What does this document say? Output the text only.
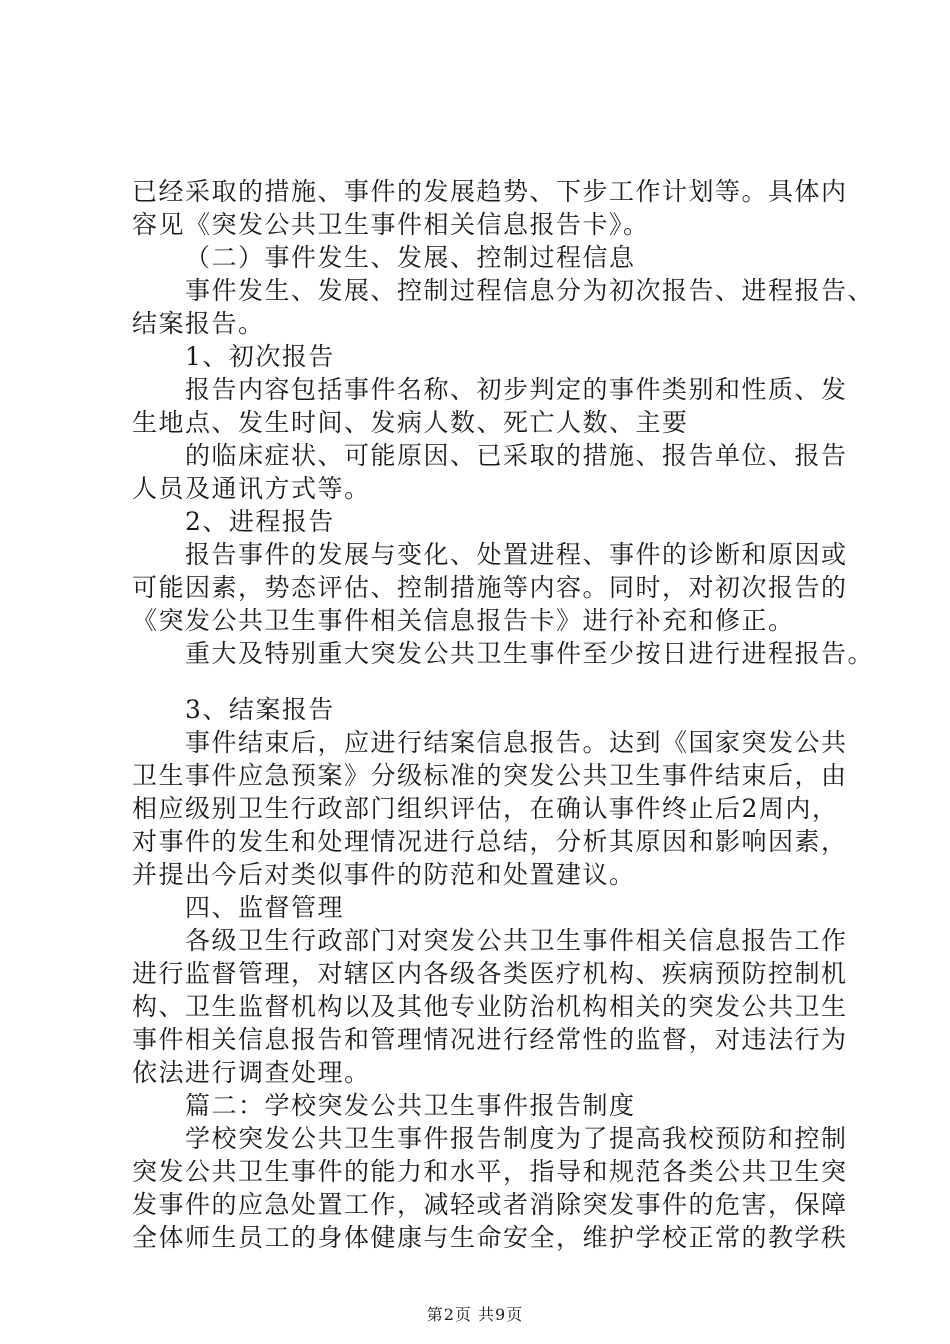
已经采取的措施、事件的发展趋势、下步工作计划等。具体内
容见《突发公共卫生事件相关信息报告卡》。
（二）事件发生、发展、控制过程信息
事件发生、发展、控制过程信息分为初次报告、进程报告、
结案报告。
1、初次报告
报告内容包括事件名称、初步判定的事件类别和性质、发
生地点、发生时间、发病人数、死亡人数、主要
的临床症状、可能原因、已采取的措施、报告单位、报告
人员及通讯方式等。
2、进程报告
报告事件的发展与变化、处置进程、事件的诊断和原因或
可能因素，势态评估、控制措施等内容。同时，对初次报告的
《突发公共卫生事件相关信息报告卡》进行补充和修正。
重大及特别重大突发公共卫生事件至少按日进行进程报告。
3、结案报告
事件结束后，应进行结案信息报告。达到《国家突发公共
卫生事件应急预案》分级标准的突发公共卫生事件结束后，由
相应级别卫生行政部门组织评估，在确认事件终止后2周内，
对事件的发生和处理情况进行总结，分析其原因和影响因素，
并提出今后对类似事件的防范和处置建议。
四、监督管理
各级卫生行政部门对突发公共卫生事件相关信息报告工作
进行监督管理，对辖区内各级各类医疗机构、疾病预防控制机
构、卫生监督机构以及其他专业防治机构相关的突发公共卫生
事件相关信息报告和管理情况进行经常性的监督，对违法行为
依法进行调查处理。
篇二：学校突发公共卫生事件报告制度
学校突发公共卫生事件报告制度为了提高我校预防和控制
突发公共卫生事件的能力和水平，指导和规范各类公共卫生突
发事件的应急处置工作，减轻或者消除突发事件的危害，保障
全体师生员工的身体健康与生命安全，维护学校正常的教学秩
第2页 共9页
